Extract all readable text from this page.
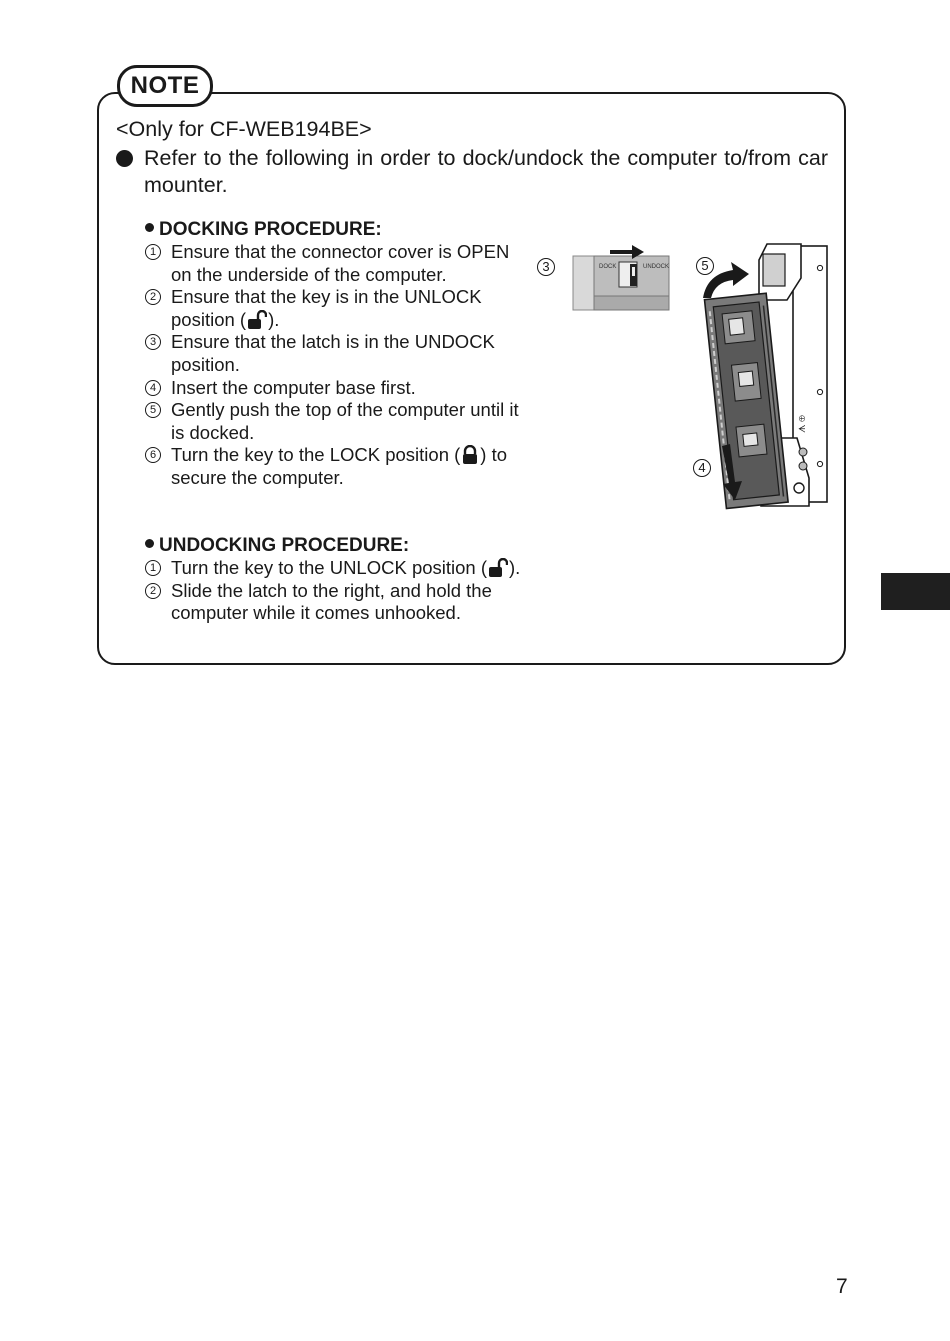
NOTE
<Only for CF-WEB194BE>
Refer to the following in order to dock/undock the computer to/from car mounter.
DOCKING PROCEDURE:
1 Ensure that the connector cover is OPEN on the underside of the computer.
2 Ensure that the key is in the UNLOCK position ( ).
3 Ensure that the latch is in the UNDOCK position.
4 Insert the computer base first.
5 Gently push the top of the computer until it is docked.
6 Turn the key to the LOCK position ( ) to secure the computer.
UNDOCKING PROCEDURE:
1 Turn the key to the UNLOCK position ( ).
2 Slide the latch to the right, and hold the computer while it comes unhooked.
3	DOCK	UNDOCK	5
4
ᗑ ⊕
7
